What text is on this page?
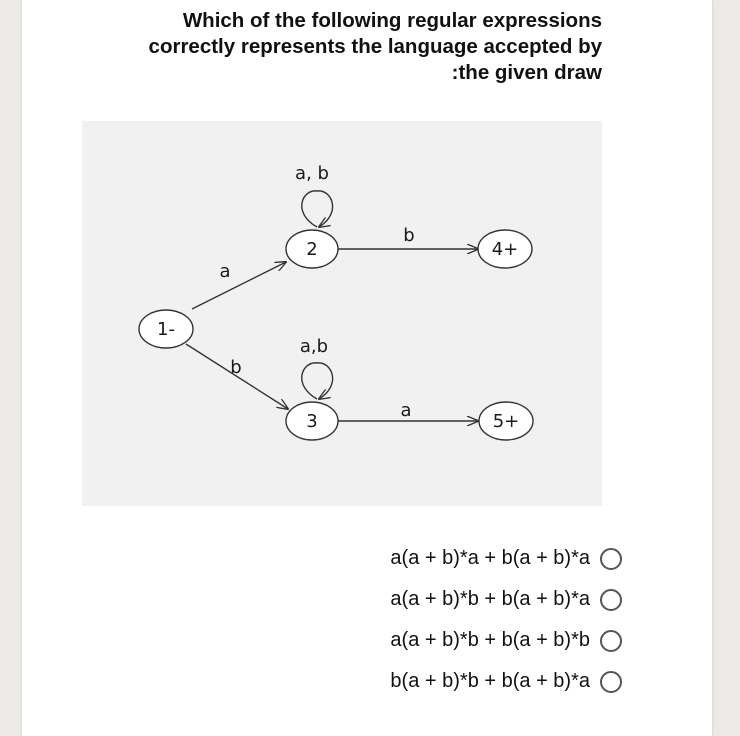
Which of the following regular expressions
correctly represents the language accepted by
:the given draw
1-
2
3
4+
5+
a
b
a, b
a,b
b
a
a(a + b)*a + b(a + b)*a
a(a + b)*b + b(a + b)*a
a(a + b)*b + b(a + b)*b
b(a + b)*b + b(a + b)*a
